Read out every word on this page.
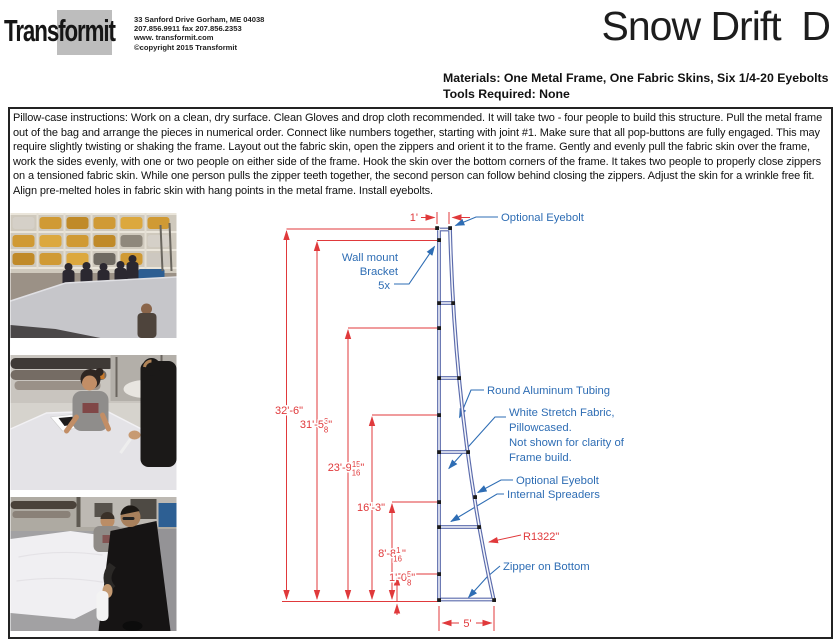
Transformit	33 Sanford Drive Gorham, ME 04038
207.856.9911 fax 207.856.2353
www. transformit.com
©copyright 2015 Transformit	Snow Drift  D
Materials: One Metal Frame, One Fabric Skins, Six 1/4-20 Eyebolts
Tools Required: None

Pillow-case instructions: Work on a clean, dry surface. Clean Gloves and drop cloth recommended. It will take two - four people to build this structure. Pull the metal frame out of the bag and arrange the pieces in numerical order. Connect like numbers together, starting with joint #1. Make sure that all pop-buttons are fully engaged. This may require slightly twisting or shaking the frame. Layout out the fabric skin, open the zippers and orient it to the frame. Gently and evenly pull the fabric skin over the frame, work the sides evenly, with one or two people on either side of the frame. Hook the skin over the bottom corners of the frame. It takes two people to properly close zippers on a tensioned fabric skin. While one person pulls the zipper teeth together, the second person can follow behind closing the zippers. Adjust the skin for a wrinkle free fit. Align pre-melted holes in fabric skin with hang points in the metal frame. Install eyebolts.

Optional Eyebolt
Wall mount
Bracket
5x
Round Aluminum Tubing
White Stretch Fabric,
Pillowcased.
Not shown for clarity of
Frame build.
Optional Eyebolt
Internal Spreaders
Zipper on Bottom
R1322"
1'
32'-6"
$31'-5^3$ 8"
$23'-9^{15}$ 16"
16'-3"
$8'-8^1$ 16"
$1'-0^5$ 8"
5'
